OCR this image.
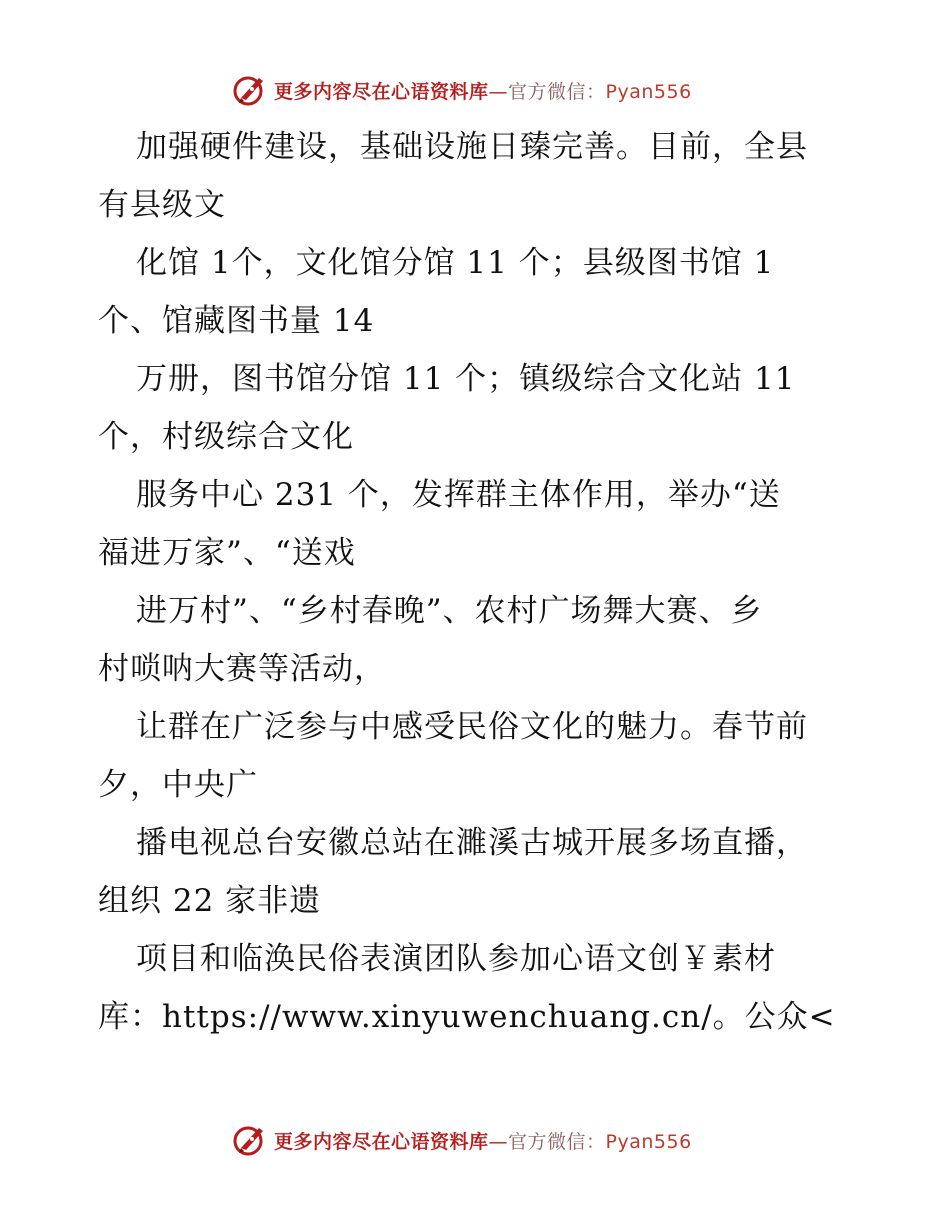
更多内容尽在心语资料库—官方微信：Pyan556
加强硬件建设，基础设施日臻完善。目前，全县
有县级文
化馆 1个，文化馆分馆 11 个；县级图书馆 1
个、馆藏图书量 14
万册，图书馆分馆 11 个；镇级综合文化站 11
个，村级综合文化
服务中心 231 个，发挥群主体作用，举办“送
福进万家”、“送戏
进万村”、“乡村春晚”、农村广场舞大赛、乡
村唢呐大赛等活动，
让群在广泛参与中感受民俗文化的魅力。春节前
夕，中央广
播电视总台安徽总站在濉溪古城开展多场直播，
组织 22 家非遗
项目和临涣民俗表演团队参加心语文创￥素材
库：https://www.xinyuwenchuang.cn/。公众<
更多内容尽在心语资料库—官方微信：Pyan556
